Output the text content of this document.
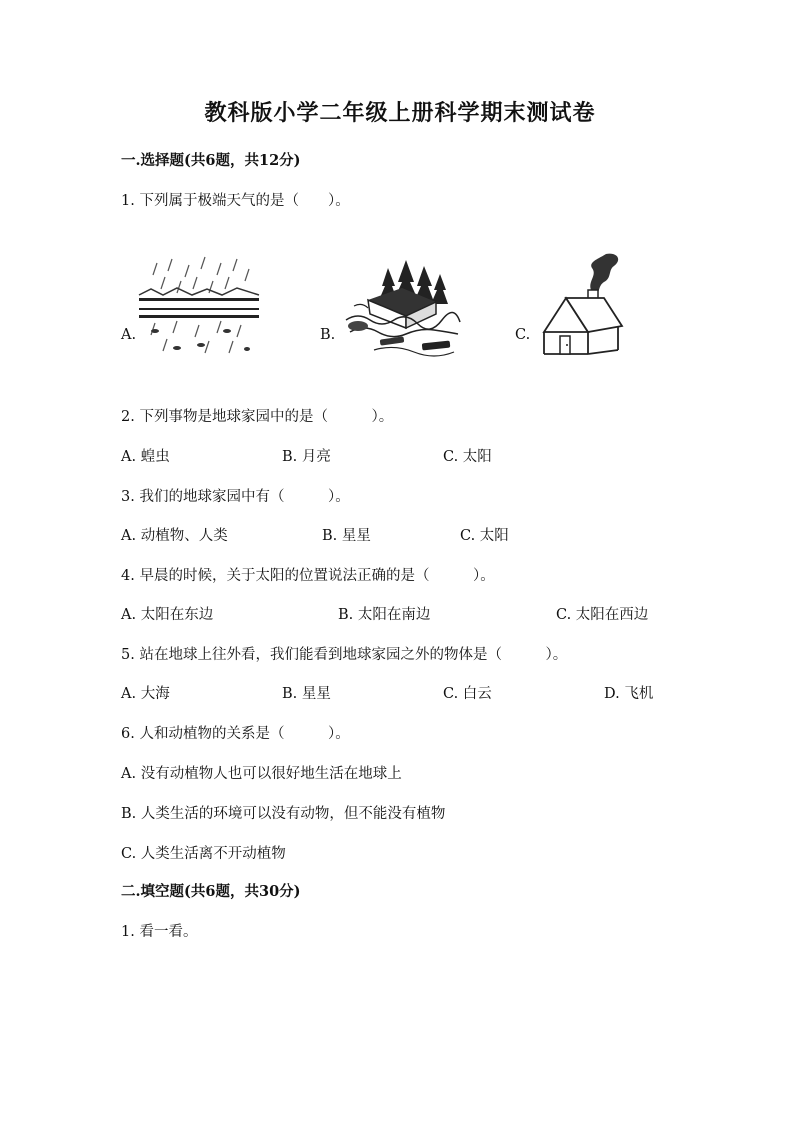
教科版小学二年级上册科学期末测试卷
一.选择题(共6题，共12分)
1. 下列属于极端天气的是（　　）。
A.	B.	C.
2. 下列事物是地球家园中的是（　　　）。
A. 蝗虫	B. 月亮	C. 太阳
3. 我们的地球家园中有（　　　）。
A. 动植物、人类	B. 星星	C. 太阳
4. 早晨的时候，关于太阳的位置说法正确的是（　　　）。
A. 太阳在东边	B. 太阳在南边	C. 太阳在西边
5. 站在地球上往外看，我们能看到地球家园之外的物体是（　　　）。
A. 大海	B. 星星	C. 白云	D. 飞机
6. 人和动植物的关系是（　　　）。
A. 没有动植物人也可以很好地生活在地球上
B. 人类生活的环境可以没有动物，但不能没有植物
C. 人类生活离不开动植物
二.填空题(共6题，共30分)
1. 看一看。
